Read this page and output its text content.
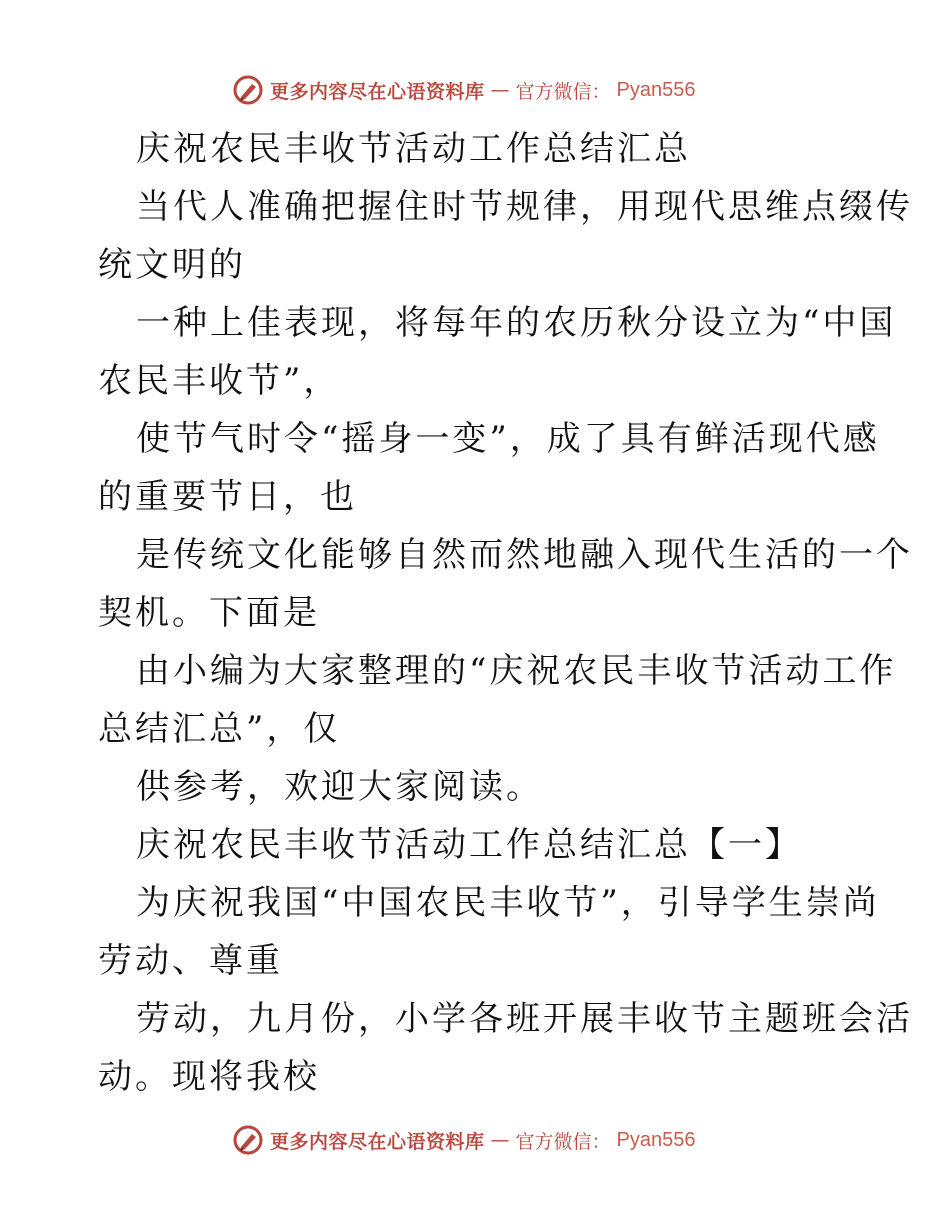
更多内容尽在心语资料库 — 官方微信： Pyan556
庆祝农民丰收节活动工作总结汇总
当代人准确把握住时节规律，用现代思维点缀传
统文明的
一种上佳表现，将每年的农历秋分设立为“中国
农民丰收节”，
使节气时令“摇身一变”，成了具有鲜活现代感
的重要节日，也
是传统文化能够自然而然地融入现代生活的一个
契机。下面是
由小编为大家整理的“庆祝农民丰收节活动工作
总结汇总”，仅
供参考，欢迎大家阅读。
庆祝农民丰收节活动工作总结汇总【一】
为庆祝我国“中国农民丰收节”，引导学生崇尚
劳动、尊重
劳动，九月份，小学各班开展丰收节主题班会活
动。现将我校
更多内容尽在心语资料库 — 官方微信： Pyan556
